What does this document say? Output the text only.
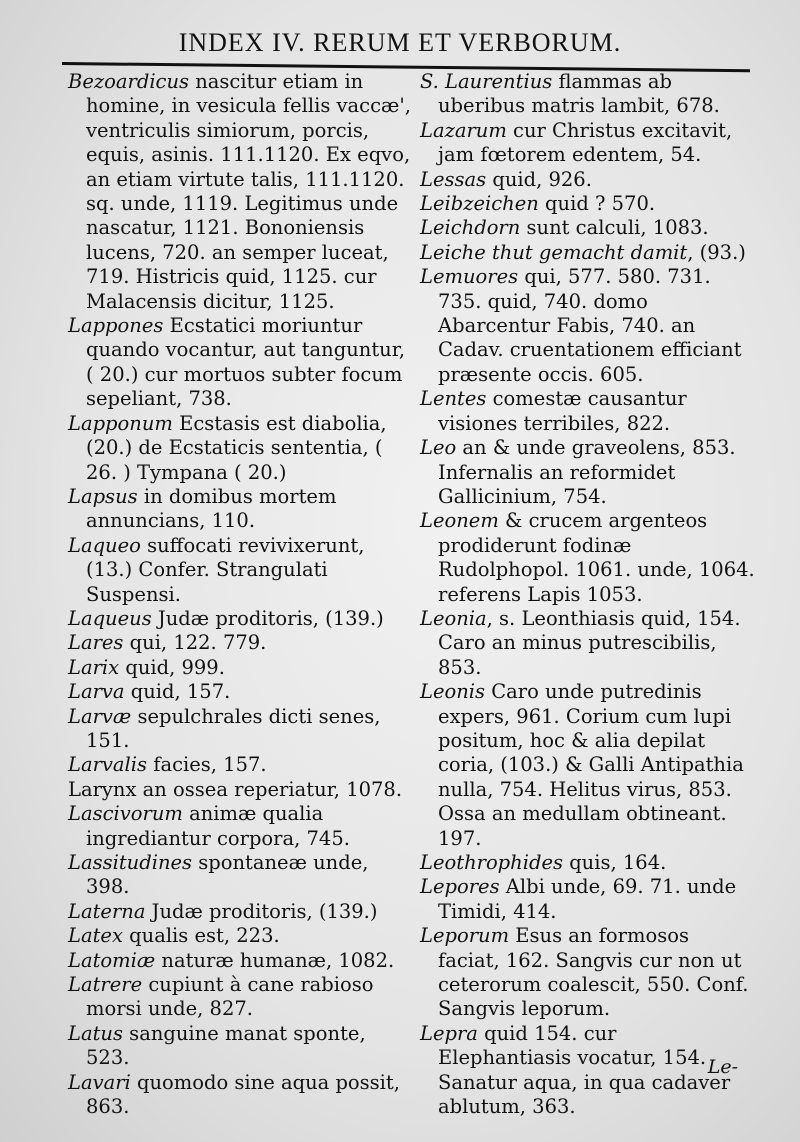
INDEX IV. RERUM ET VERBORUM.

Bezoardicus nascitur etiam in homine, in vesicula fellis vaccæ', ventriculis simiorum, porcis, equis, asinis. 111.1120. Ex eqvo, an etiam virtute talis, 111.1120. sq. unde, 1119. Legitimus unde nascatur, 1121. Bononiensis lucens, 720. an semper luceat, 719. Histricis quid, 1125. cur Malacensis dicitur, 1125.

Lappones Ecstatici moriuntur quando vocantur, aut tanguntur, ( 20.) cur mortuos subter focum sepeliant, 738.

Lapponum Ecstasis est diabolia, (20.) de Ecstaticis sententia, ( 26. ) Tympana ( 20.)

Lapsus in domibus mortem annuncians, 110.

Laqueo suffocati revivixerunt, (13.) Confer. Strangulati Suspensi.

Laqueus Judæ proditoris, (139.)

Lares qui, 122. 779.

Larix quid, 999.

Larva quid, 157.

Larvæ sepulchrales dicti senes, 151.

Larvalis facies, 157.

Larynx an ossea reperiatur, 1078.

Lascivorum animæ qualia ingrediantur corpora, 745.

Lassitudines spontaneæ unde, 398.

Laterna Judæ proditoris, (139.)

Latex qualis est, 223.

Latomiæ naturæ humanæ, 1082.

Latrere cupiunt à cane rabioso morsi unde, 827.

Latus sanguine manat sponte, 523.

Lavari quomodo sine aqua possit, 863.

S. Laurentius flammas ab uberibus matris lambit, 678.

Lazarum cur Christus excitavit, jam fœtorem edentem, 54.

Lessas quid, 926.

Leibzeichen quid ? 570.

Leichdorn sunt calculi, 1083.

Leiche thut gemacht damit, (93.)

Lemuores qui, 577. 580. 731. 735. quid, 740. domo Abarcentur Fabis, 740. an Cadav. cruentationem efficiant præsente occis. 605.

Lentes comestæ causantur visiones terribiles, 822.

Leo an & unde graveolens, 853. Infernalis an reformidet Gallicinium, 754.

Leonem & crucem argenteos prodiderunt fodinæ Rudolphopol. 1061. unde, 1064. referens Lapis 1053.

Leonia, s. Leonthiasis quid, 154. Caro an minus putrescibilis, 853.

Leonis Caro unde putredinis expers, 961. Corium cum lupi positum, hoc & alia depilat coria, (103.) & Galli Antipathia nulla, 754. Helitus virus, 853. Ossa an medullam obtineant. 197.

Leothrophides quis, 164.

Lepores Albi unde, 69. 71. unde Timidi, 414.

Leporum Esus an formosos faciat, 162. Sangvis cur non ut ceterorum coalescit, 550. Conf. Sangvis leporum.

Lepra quid 154. cur Elephantiasis vocatur, 154. Sanatur aqua, in qua cadaver ablutum, 363.

Le-
